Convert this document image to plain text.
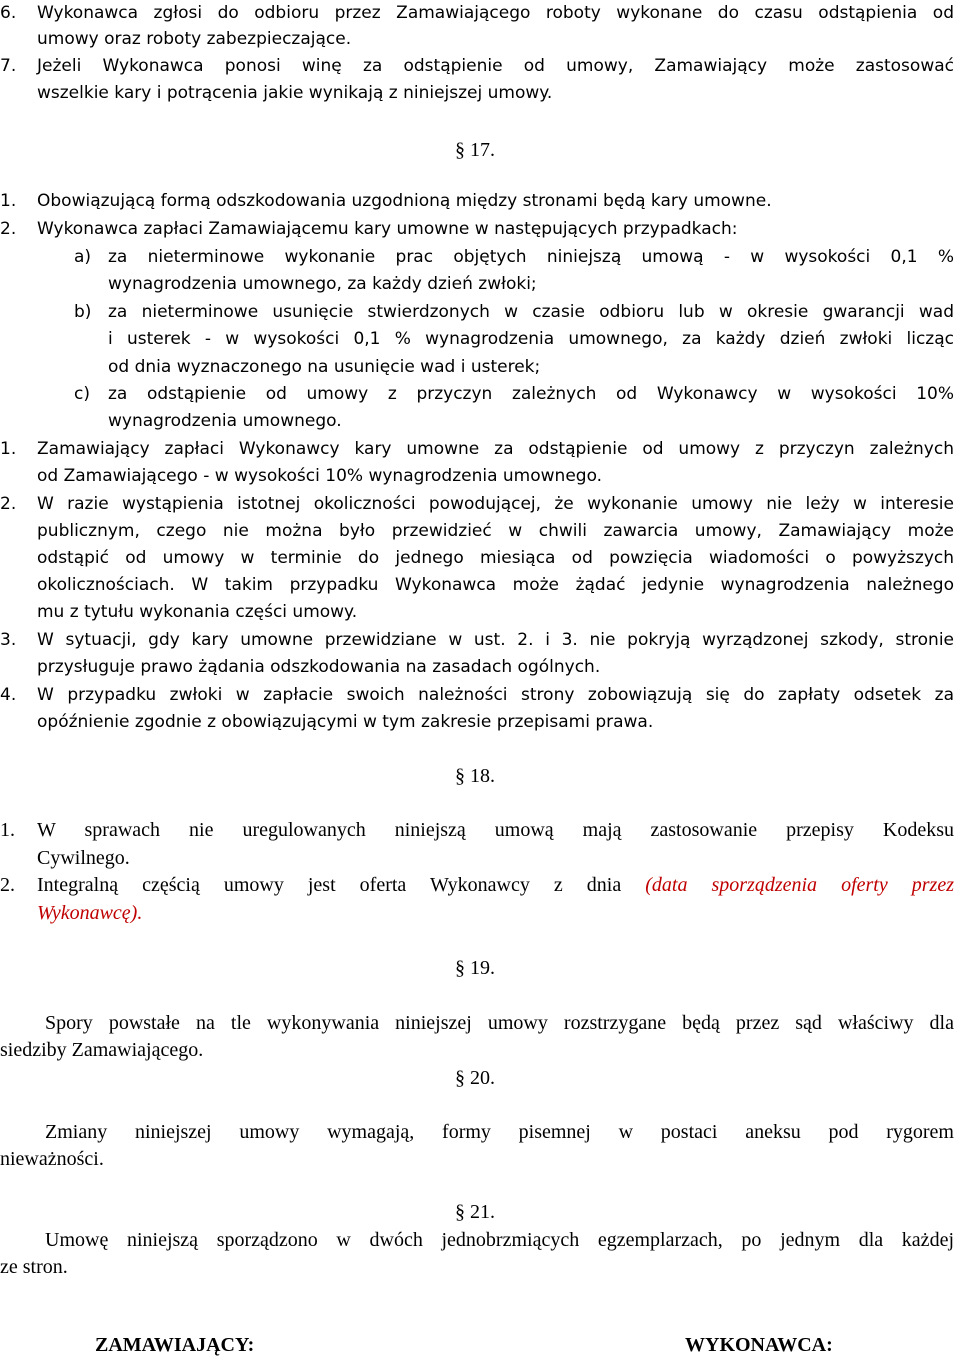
6. Wykonawca zgłosi do odbioru przez Zamawiającego roboty wykonane do czasu odstąpienia od
umowy oraz roboty zabezpieczające.
7. Jeżeli Wykonawca ponosi winę za odstąpienie od umowy, Zamawiający może zastosować
wszelkie kary i potrącenia jakie wynikają z niniejszej umowy.
§ 17.
1. Obowiązującą formą odszkodowania uzgodnioną między stronami będą kary umowne.
2. Wykonawca zapłaci Zamawiającemu kary umowne w następujących przypadkach:
a) za nieterminowe wykonanie prac objętych niniejszą umową - w wysokości 0,1 %
wynagrodzenia umownego, za każdy dzień zwłoki;
b) za nieterminowe usunięcie stwierdzonych w czasie odbioru lub w okresie gwarancji wad
i usterek - w wysokości 0,1 % wynagrodzenia umownego, za każdy dzień zwłoki licząc
od dnia wyznaczonego na usunięcie wad i usterek;
c) za odstąpienie od umowy z przyczyn zależnych od Wykonawcy w wysokości 10%
wynagrodzenia umownego.
1. Zamawiający zapłaci Wykonawcy kary umowne za odstąpienie od umowy z przyczyn zależnych
od Zamawiającego - w wysokości 10% wynagrodzenia umownego.
2. W razie wystąpienia istotnej okoliczności powodującej, że wykonanie umowy nie leży w interesie
publicznym, czego nie można było przewidzieć w chwili zawarcia umowy, Zamawiający może
odstąpić od umowy w terminie do jednego miesiąca od powzięcia wiadomości o powyższych
okolicznościach. W takim przypadku Wykonawca może żądać jedynie wynagrodzenia należnego
mu z tytułu wykonania części umowy.
3. W sytuacji, gdy kary umowne przewidziane w ust. 2. i 3. nie pokryją wyrządzonej szkody, stronie
przysługuje prawo żądania odszkodowania na zasadach ogólnych.
4. W przypadku zwłoki w zapłacie swoich należności strony zobowiązują się do zapłaty odsetek za
opóźnienie zgodnie z obowiązującymi w tym zakresie przepisami prawa.
§ 18.
1. W sprawach nie uregulowanych niniejszą umową mają zastosowanie przepisy Kodeksu
Cywilnego.
2. Integralną częścią umowy jest oferta Wykonawcy z dnia (data sporządzenia oferty przez
Wykonawcę).
§ 19.
Spory powstałe na tle wykonywania niniejszej umowy rozstrzygane będą przez sąd właściwy dla
siedziby Zamawiającego.
§ 20.
Zmiany niniejszej umowy wymagają, formy pisemnej w postaci aneksu pod rygorem
nieważności.
§ 21.
Umowę niniejszą sporządzono w dwóch jednobrzmiących egzemplarzach, po jednym dla każdej
ze stron.
ZAMAWIAJĄCY:	WYKONAWCA:
